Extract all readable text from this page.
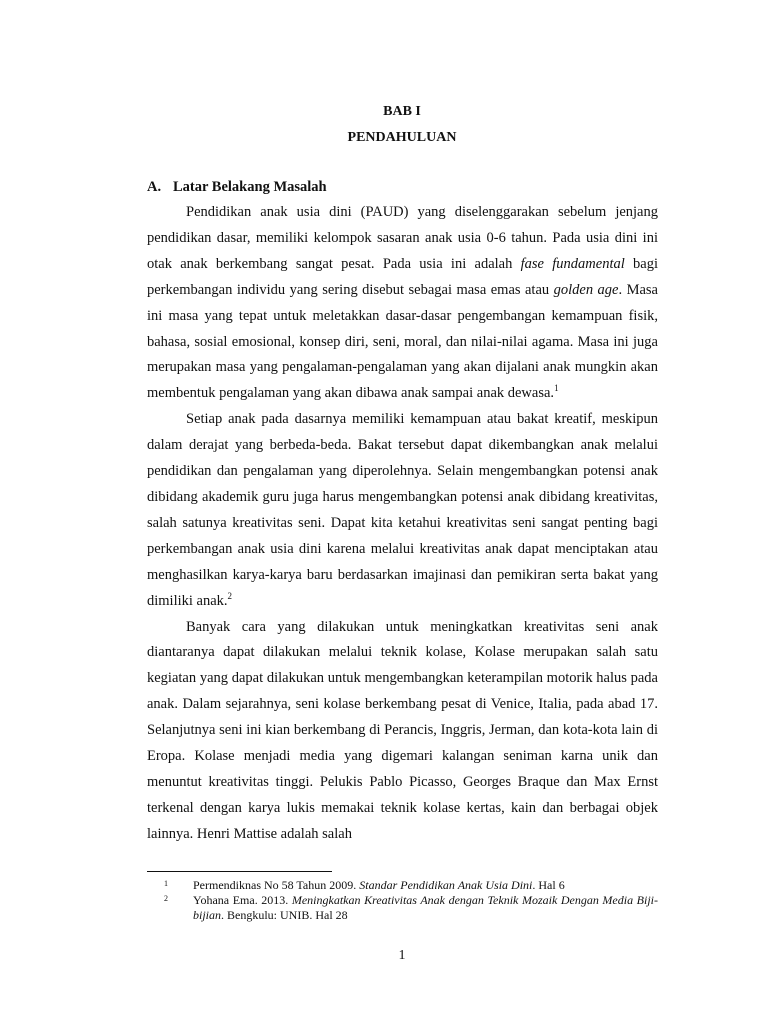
BAB I
PENDAHULUAN
A. Latar Belakang Masalah

Pendidikan anak usia dini (PAUD) yang diselenggarakan sebelum jenjang pendidikan dasar, memiliki kelompok sasaran anak usia 0-6 tahun. Pada usia dini ini otak anak berkembang sangat pesat. Pada usia ini adalah fase fundamental bagi perkembangan individu yang sering disebut sebagai masa emas atau golden age. Masa ini masa yang tepat untuk meletakkan dasar-dasar pengembangan kemampuan fisik, bahasa, sosial emosional, konsep diri, seni, moral, dan nilai-nilai agama. Masa ini juga merupakan masa yang pengalaman-pengalaman yang akan dijalani anak mungkin akan membentuk pengalaman yang akan dibawa anak sampai anak dewasa.$^1$

Setiap anak pada dasarnya memiliki kemampuan atau bakat kreatif, meskipun dalam derajat yang berbeda-beda. Bakat tersebut dapat dikembangkan anak melalui pendidikan dan pengalaman yang diperolehnya. Selain mengembangkan potensi anak dibidang akademik guru juga harus mengembangkan potensi anak dibidang kreativitas, salah satunya kreativitas seni. Dapat kita ketahui kreativitas seni sangat penting bagi perkembangan anak usia dini karena melalui kreativitas anak dapat menciptakan atau menghasilkan karya-karya baru berdasarkan imajinasi dan pemikiran serta bakat yang dimiliki anak.$^2$

Banyak cara yang dilakukan untuk meningkatkan kreativitas seni anak diantaranya dapat dilakukan melalui teknik kolase, Kolase merupakan salah satu kegiatan yang dapat dilakukan untuk mengembangkan keterampilan motorik halus pada anak. Dalam sejarahnya, seni kolase berkembang pesat di Venice, Italia, pada abad 17. Selanjutnya seni ini kian berkembang di Perancis, Inggris, Jerman, dan kota-kota lain di Eropa. Kolase menjadi media yang digemari kalangan seniman karna unik dan menuntut kreativitas tinggi. Pelukis Pablo Picasso, Georges Braque dan Max Ernst terkenal dengan karya lukis memakai teknik kolase kertas, kain dan berbagai objek lainnya. Henri Mattise adalah salah

1 Permendiknas No 58 Tahun 2009. Standar Pendidikan Anak Usia Dini. Hal 6
2 Yohana Ema. 2013. Meningkatkan Kreativitas Anak dengan Teknik Mozaik Dengan Media Biji-bijian. Bengkulu: UNIB. Hal 28
1
